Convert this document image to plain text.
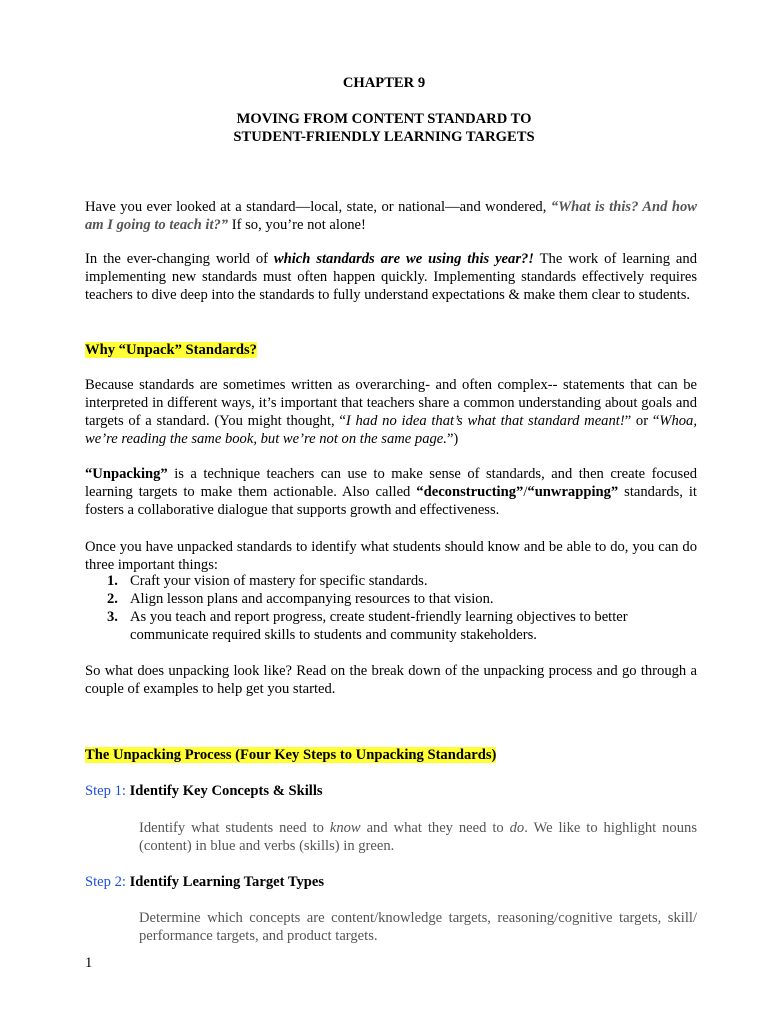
CHAPTER 9
MOVING FROM CONTENT STANDARD TO
STUDENT-FRIENDLY LEARNING TARGETS
Have you ever looked at a standard—local, state, or national—and wondered, “What is this? And how am I going to teach it?” If so, you’re not alone!
In the ever-changing world of which standards are we using this year?! The work of learning and implementing new standards must often happen quickly. Implementing standards effectively requires teachers to dive deep into the standards to fully understand expectations & make them clear to students.
Why “Unpack” Standards?
Because standards are sometimes written as overarching- and often complex-- statements that can be interpreted in different ways, it’s important that teachers share a common understanding about goals and targets of a standard. (You might thought, “I had no idea that’s what that standard meant!” or “Whoa, we’re reading the same book, but we’re not on the same page.”)
“Unpacking” is a technique teachers can use to make sense of standards, and then create focused learning targets to make them actionable. Also called “deconstructing”/“unwrapping” standards, it fosters a collaborative dialogue that supports growth and effectiveness.
Once you have unpacked standards to identify what students should know and be able to do, you can do three important things:
1. Craft your vision of mastery for specific standards.
2. Align lesson plans and accompanying resources to that vision.
3. As you teach and report progress, create student-friendly learning objectives to better communicate required skills to students and community stakeholders.
So what does unpacking look like? Read on the break down of the unpacking process and go through a couple of examples to help get you started.
The Unpacking Process (Four Key Steps to Unpacking Standards)
Step 1: Identify Key Concepts & Skills
Identify what students need to know and what they need to do. We like to highlight nouns (content) in blue and verbs (skills) in green.
Step 2: Identify Learning Target Types
Determine which concepts are content/knowledge targets, reasoning/cognitive targets, skill/ performance targets, and product targets.
1
